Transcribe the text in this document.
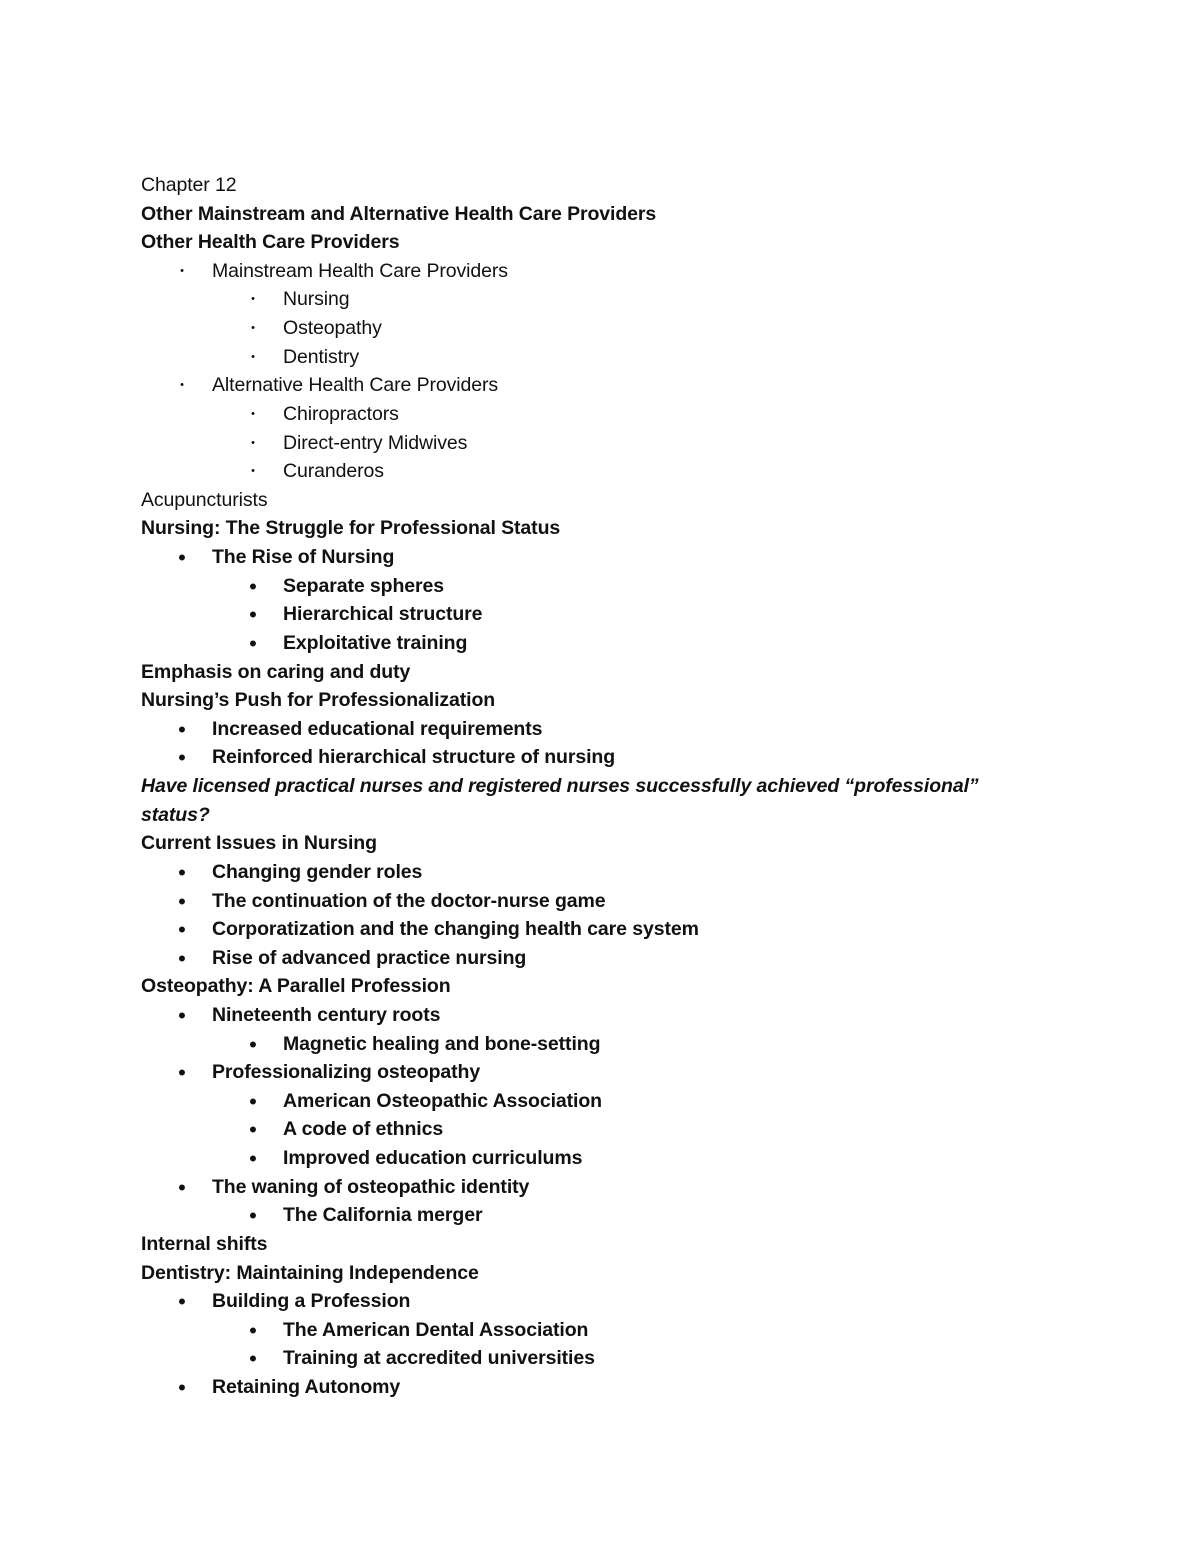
Chapter 12
Other Mainstream and Alternative Health Care Providers
Other Health Care Providers
•	Mainstream Health Care Providers
•	Nursing
•	Osteopathy
•	Dentistry
•	Alternative Health Care Providers
•	Chiropractors
•	Direct-entry Midwives
•	Curanderos
Acupuncturists
Nursing: The Struggle for Professional Status
•	The Rise of Nursing
•	Separate spheres
•	Hierarchical structure
•	Exploitative training
Emphasis on caring and duty
Nursing’s Push for Professionalization
•	Increased educational requirements
•	Reinforced hierarchical structure of nursing
Have licensed practical nurses and registered nurses successfully achieved “professional”
status?
Current Issues in Nursing
•	Changing gender roles
•	The continuation of the doctor-nurse game
•	Corporatization and the changing health care system
•	Rise of advanced practice nursing
Osteopathy: A Parallel Profession
•	Nineteenth century roots
•	Magnetic healing and bone-setting
•	Professionalizing osteopathy
•	American Osteopathic Association
•	A code of ethnics
•	Improved education curriculums
•	The waning of osteopathic identity
•	The California merger
Internal shifts
Dentistry: Maintaining Independence
•	Building a Profession
•	The American Dental Association
•	Training at accredited universities
•	Retaining Autonomy
